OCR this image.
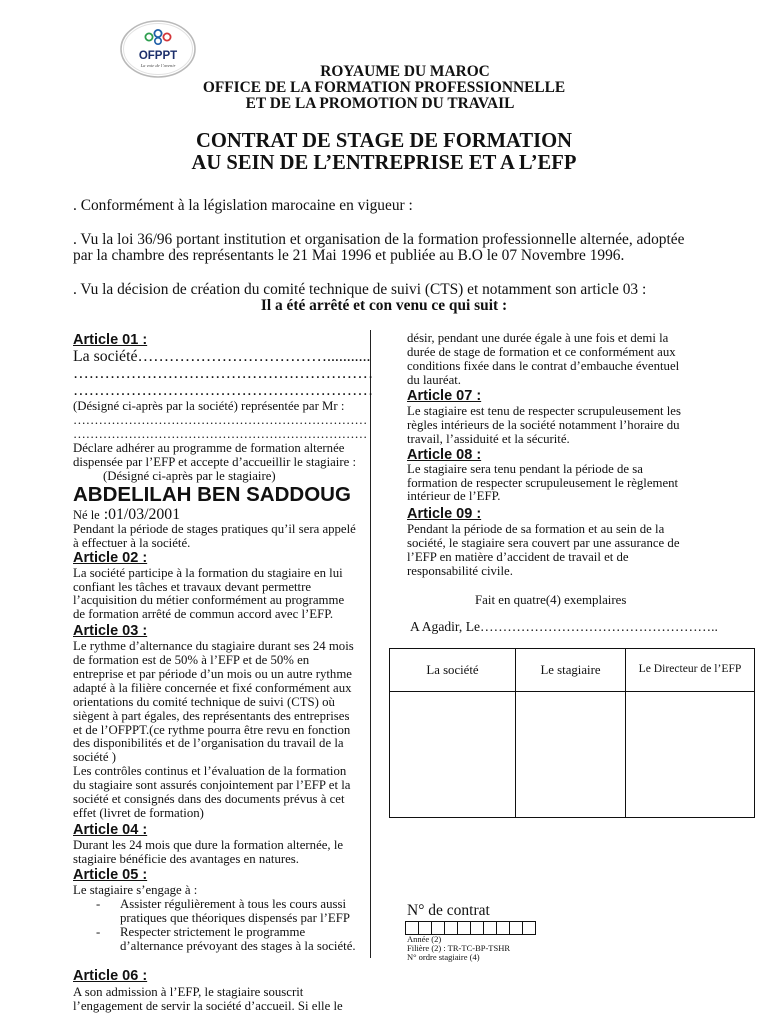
OFPPT
La voie de l’avenir	ROYAUME DU MAROC
OFFICE DE LA FORMATION PROFESSIONNELLE
ET DE LA PROMOTION DU TRAVAIL
CONTRAT DE STAGE DE FORMATION
AU SEIN DE L’ENTREPRISE ET A L’EFP
. Conformément à la législation marocaine en vigueur :
. Vu la loi 36/96 portant institution et organisation de la formation professionnelle alternée, adoptée
par la chambre des représentants le 21 Mai 1996 et publiée au B.O le 07 Novembre 1996.
. Vu la décision de création du comité technique de suivi (CTS) et notamment son article 03 :
Il a été arrêté et con venu ce qui suit :
Article 01 :
La société………………………………...........
…………………………………………………
…………………………………………………
(Désigné ci-après par la société) représentée par Mr :
……………………………………………………………
……………………………………………………………
Déclare adhérer au programme de formation alternée
dispensée par l’EFP et accepte d’accueillir le stagiaire :
(Désigné ci-après par le stagiaire)
ABDELILAH BEN SADDOUG
Né le :01/03/2001
Pendant la période de stages pratiques qu’il sera appelé
à effectuer à la société.
Article 02 :
La société participe à la formation du stagiaire en lui
confiant les tâches et travaux devant permettre
l’acquisition du métier conformément au programme
de formation arrêté de commun accord avec l’EFP.
Article 03 :
Le rythme d’alternance du stagiaire durant ses 24 mois
de formation est de 50% à l’EFP et de 50% en
entreprise et par période d’un mois ou un autre rythme
adapté à la filière concernée et fixé conformément aux
orientations du comité technique de suivi (CTS) où
siègent à part égales, des représentants des entreprises
et de l’OFPPT.(ce rythme pourra être revu en fonction
des disponibilités et de l’organisation du travail de la
société )
Les contrôles continus et l’évaluation de la formation
du stagiaire sont assurés conjointement par l’EFP et la
société et consignés dans des documents prévus à cet
effet (livret de formation)
Article 04 :
Durant les 24 mois que dure la formation alternée, le
stagiaire bénéficie des avantages en natures.
Article 05 :
Le stagiaire s’engage à :
- Assister régulièrement à tous les cours aussi
pratiques que théoriques dispensés par l’EFP
- Respecter strictement le programme
d’alternance prévoyant des stages à la société.
Article 06 :
A son admission à l’EFP, le stagiaire souscrit
l’engagement de servir la société d’accueil. Si elle le
désir, pendant une durée égale à une fois et demi la
durée de stage de formation et ce conformément aux
conditions fixée dans le contrat d’embauche éventuel
du lauréat.
Article 07 :
Le stagiaire est tenu de respecter scrupuleusement les
règles intérieurs de la société notamment l’horaire du
travail, l’assiduité et la sécurité.
Article 08 :
Le stagiaire sera tenu pendant la période de sa
formation de respecter scrupuleusement le règlement
intérieur de l’EFP.
Article 09 :
Pendant la période de sa formation et au sein de la
société, le stagiaire sera couvert par une assurance de
l’EFP en matière d’accident de travail et de
responsabilité civile.
Fait en quatre(4) exemplaires
A Agadir, Le……………………………………………..
La société	Le stagiaire	Le Directeur de l’EFP
N° de contrat
Année (2)
Filière (2) : TR-TC-BP-TSHR
N° ordre stagiaire (4)
